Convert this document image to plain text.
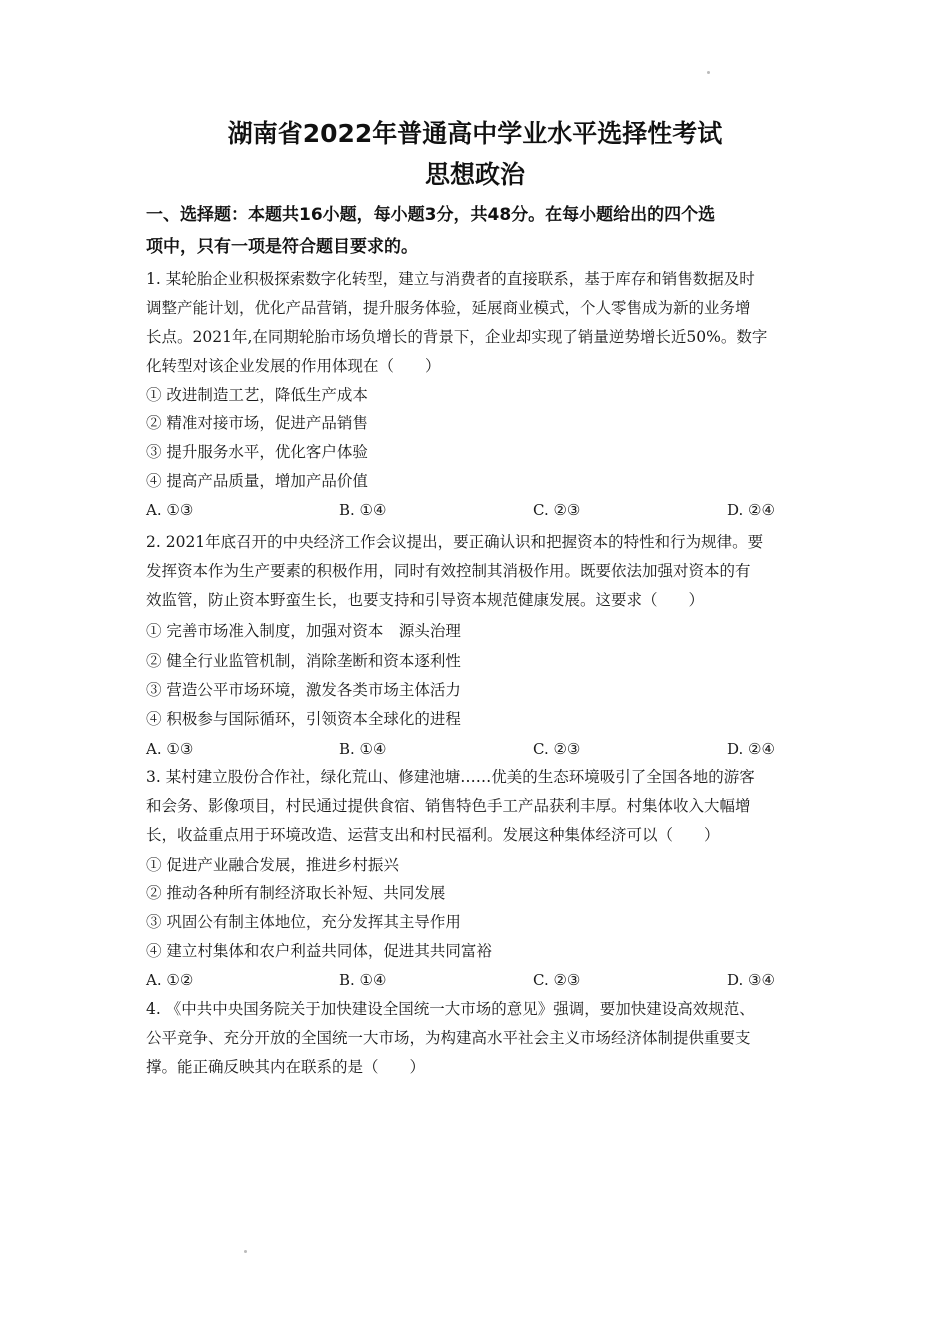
湖南省2022年普通高中学业水平选择性考试
思想政治
一、选择题：本题共16小题，每小题3分，共48分。在每小题给出的四个选
项中，只有一项是符合题目要求的。
1. 某轮胎企业积极探索数字化转型，建立与消费者的直接联系，基于库存和销售数据及时
调整产能计划，优化产品营销，提升服务体验，延展商业模式，个人零售成为新的业务增
长点。2021年,在同期轮胎市场负增长的背景下，企业却实现了销量逆势增长近50%。数字
化转型对该企业发展的作用体现在（　　）
① 改进制造工艺，降低生产成本
② 精准对接市场，促进产品销售
③ 提升服务水平，优化客户体验
④ 提高产品质量，增加产品价值
A. ①③	B. ①④	C. ②③	D. ②④
2. 2021年底召开的中央经济工作会议提出，要正确认识和把握资本的特性和行为规律。要
发挥资本作为生产要素的积极作用，同时有效控制其消极作用。既要依法加强对资本的有
效监管，防止资本野蛮生长，也要支持和引导资本规范健康发展。这要求（　　）
① 完善市场准入制度，加强对资本　源头治理
② 健全行业监管机制，消除垄断和资本逐利性
③ 营造公平市场环境，激发各类市场主体活力
④ 积极参与国际循环，引领资本全球化的进程
A. ①③	B. ①④	C. ②③	D. ②④
3. 某村建立股份合作社，绿化荒山、修建池塘……优美的生态环境吸引了全国各地的游客
和会务、影像项目，村民通过提供食宿、销售特色手工产品获利丰厚。村集体收入大幅增
长，收益重点用于环境改造、运营支出和村民福利。发展这种集体经济可以（　　）
① 促进产业融合发展，推进乡村振兴
② 推动各种所有制经济取长补短、共同发展
③ 巩固公有制主体地位，充分发挥其主导作用
④ 建立村集体和农户利益共同体，促进其共同富裕
A. ①②	B. ①④	C. ②③	D. ③④
4. 《中共中央国务院关于加快建设全国统一大市场的意见》强调，要加快建设高效规范、
公平竞争、充分开放的全国统一大市场，为构建高水平社会主义市场经济体制提供重要支
撑。能正确反映其内在联系的是（　　）
